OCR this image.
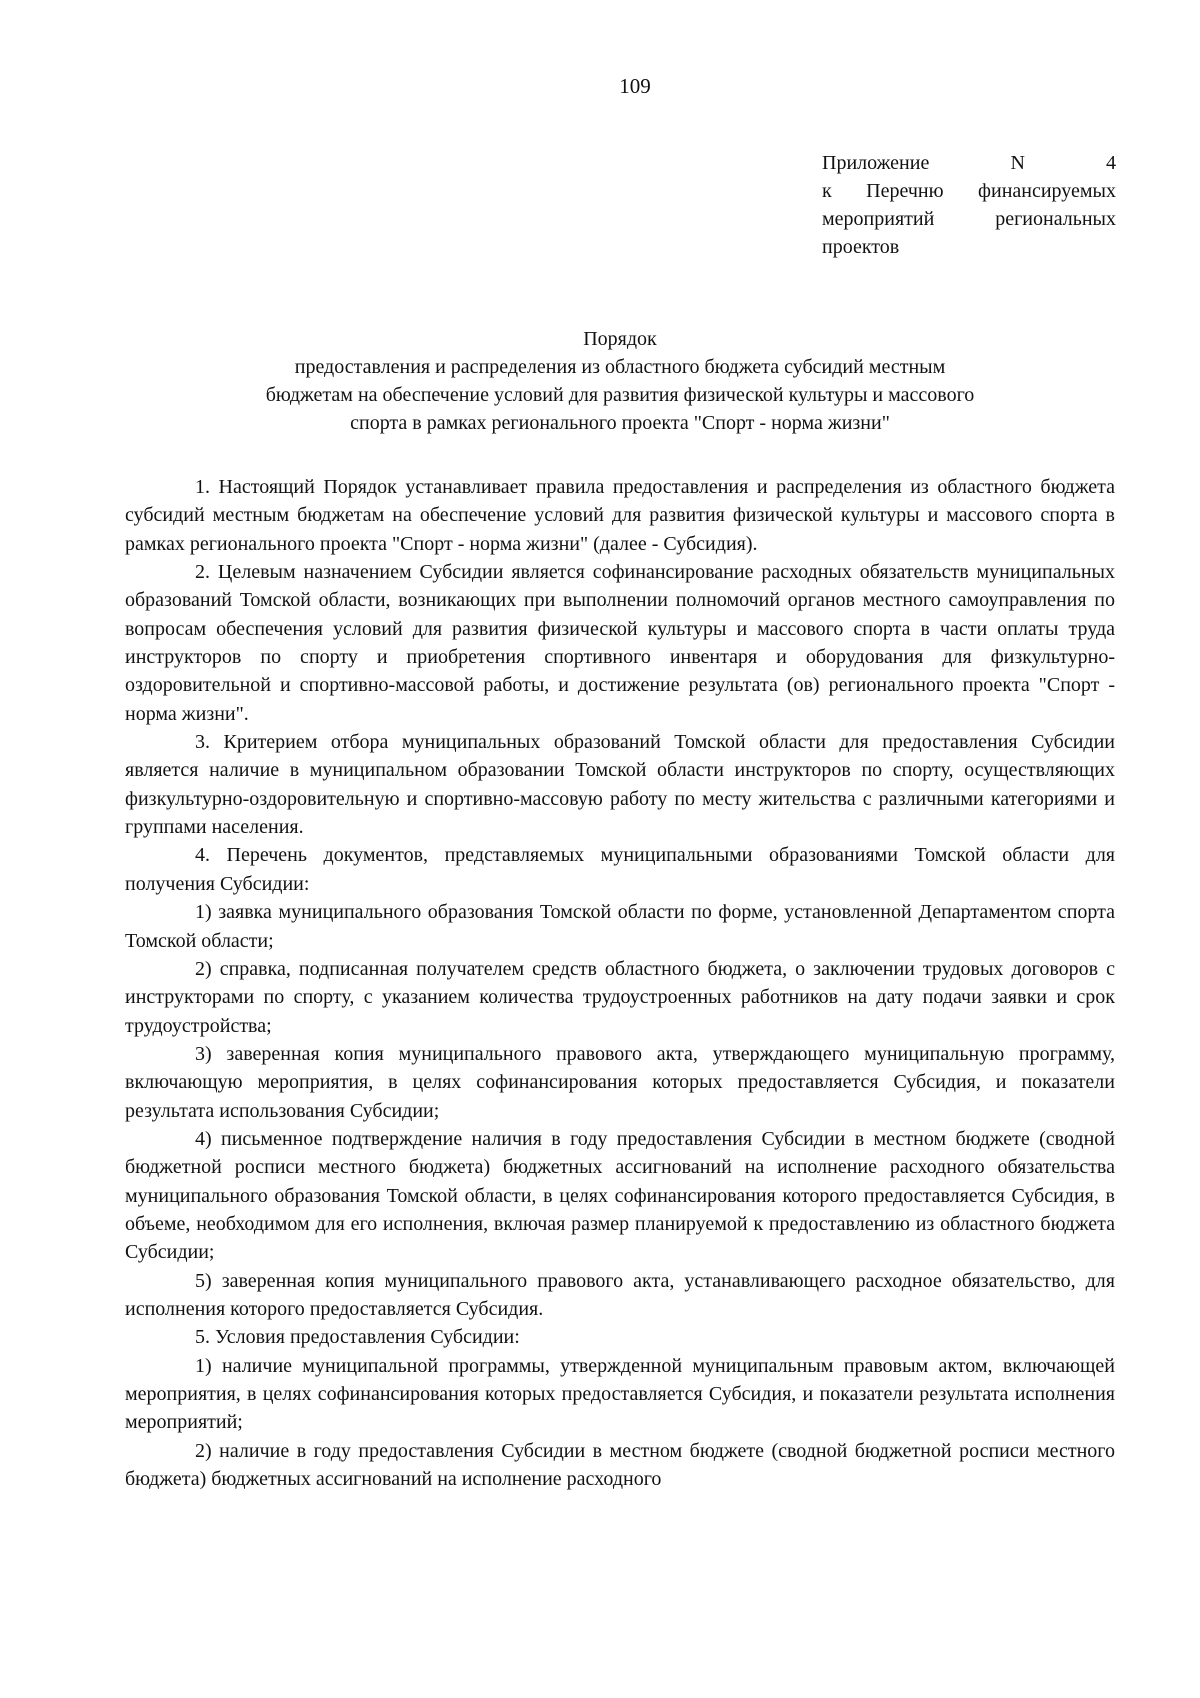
109
Приложение N 4
к Перечню финансируемых
мероприятий региональных
проектов
Порядок
предоставления и распределения из областного бюджета субсидий местным
бюджетам на обеспечение условий для развития физической культуры и массового
спорта в рамках регионального проекта "Спорт - норма жизни"

1. Настоящий Порядок устанавливает правила предоставления и распределения из областного бюджета субсидий местным бюджетам на обеспечение условий для развития физической культуры и массового спорта в рамках регионального проекта "Спорт - норма жизни" (далее - Субсидия).

2. Целевым назначением Субсидии является софинансирование расходных обязательств муниципальных образований Томской области, возникающих при выполнении полномочий органов местного самоуправления по вопросам обеспечения условий для развития физической культуры и массового спорта в части оплаты труда инструкторов по спорту и приобретения спортивного инвентаря и оборудования для физкультурно-оздоровительной и спортивно-массовой работы, и достижение результата (ов) регионального проекта "Спорт - норма жизни".

3. Критерием отбора муниципальных образований Томской области для предоставления Субсидии является наличие в муниципальном образовании Томской области инструкторов по спорту, осуществляющих физкультурно-оздоровительную и спортивно-массовую работу по месту жительства с различными категориями и группами населения.

4. Перечень документов, представляемых муниципальными образованиями Томской области для получения Субсидии:

1) заявка муниципального образования Томской области по форме, установленной Департаментом спорта Томской области;

2) справка, подписанная получателем средств областного бюджета, о заключении трудовых договоров с инструкторами по спорту, с указанием количества трудоустроенных работников на дату подачи заявки и срок трудоустройства;

3) заверенная копия муниципального правового акта, утверждающего муниципальную программу, включающую мероприятия, в целях софинансирования которых предоставляется Субсидия, и показатели результата использования Субсидии;

4) письменное подтверждение наличия в году предоставления Субсидии в местном бюджете (сводной бюджетной росписи местного бюджета) бюджетных ассигнований на исполнение расходного обязательства муниципального образования Томской области, в целях софинансирования которого предоставляется Субсидия, в объеме, необходимом для его исполнения, включая размер планируемой к предоставлению из областного бюджета Субсидии;

5) заверенная копия муниципального правового акта, устанавливающего расходное обязательство, для исполнения которого предоставляется Субсидия.

5. Условия предоставления Субсидии:

1) наличие муниципальной программы, утвержденной муниципальным правовым актом, включающей мероприятия, в целях софинансирования которых предоставляется Субсидия, и показатели результата исполнения мероприятий;

2) наличие в году предоставления Субсидии в местном бюджете (сводной бюджетной росписи местного бюджета) бюджетных ассигнований на исполнение расходного
